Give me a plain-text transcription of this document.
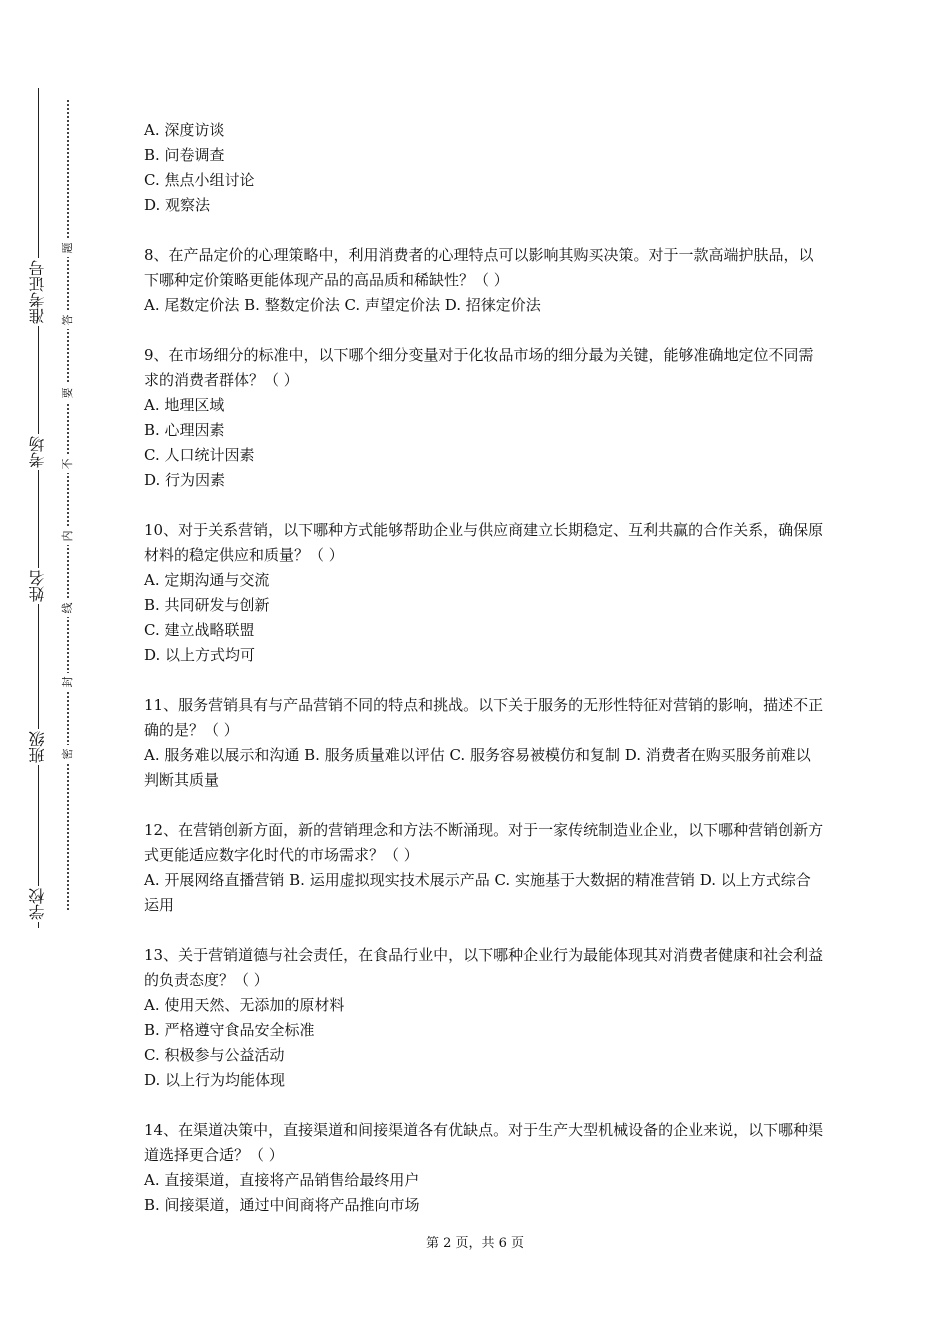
学校
班级
姓名
考场
准考证号
密
封
线
内
不
要
答
题
A. 深度访谈
B. 问卷调查
C. 焦点小组讨论
D. 观察法
8、在产品定价的心理策略中，利用消费者的心理特点可以影响其购买决策。对于一款高端护肤品，以下哪种定价策略更能体现产品的高品质和稀缺性？（ ）
A. 尾数定价法 B. 整数定价法 C. 声望定价法 D. 招徕定价法
9、在市场细分的标准中，以下哪个细分变量对于化妆品市场的细分最为关键，能够准确地定位不同需求的消费者群体？（ ）
A. 地理区域
B. 心理因素
C. 人口统计因素
D. 行为因素
10、对于关系营销，以下哪种方式能够帮助企业与供应商建立长期稳定、互利共赢的合作关系，确保原材料的稳定供应和质量？（ ）
A. 定期沟通与交流
B. 共同研发与创新
C. 建立战略联盟
D. 以上方式均可
11、服务营销具有与产品营销不同的特点和挑战。以下关于服务的无形性特征对营销的影响，描述不正确的是？（ ）
A. 服务难以展示和沟通 B. 服务质量难以评估 C. 服务容易被模仿和复制 D. 消费者在购买服务前难以判断其质量
12、在营销创新方面，新的营销理念和方法不断涌现。对于一家传统制造业企业，以下哪种营销创新方式更能适应数字化时代的市场需求？（ ）
A. 开展网络直播营销 B. 运用虚拟现实技术展示产品 C. 实施基于大数据的精准营销 D. 以上方式综合运用
13、关于营销道德与社会责任，在食品行业中，以下哪种企业行为最能体现其对消费者健康和社会利益的负责态度？（ ）
A. 使用天然、无添加的原材料
B. 严格遵守食品安全标准
C. 积极参与公益活动
D. 以上行为均能体现
14、在渠道决策中，直接渠道和间接渠道各有优缺点。对于生产大型机械设备的企业来说，以下哪种渠道选择更合适？（ ）
A. 直接渠道，直接将产品销售给最终用户
B. 间接渠道，通过中间商将产品推向市场
第 2 页，共 6 页
